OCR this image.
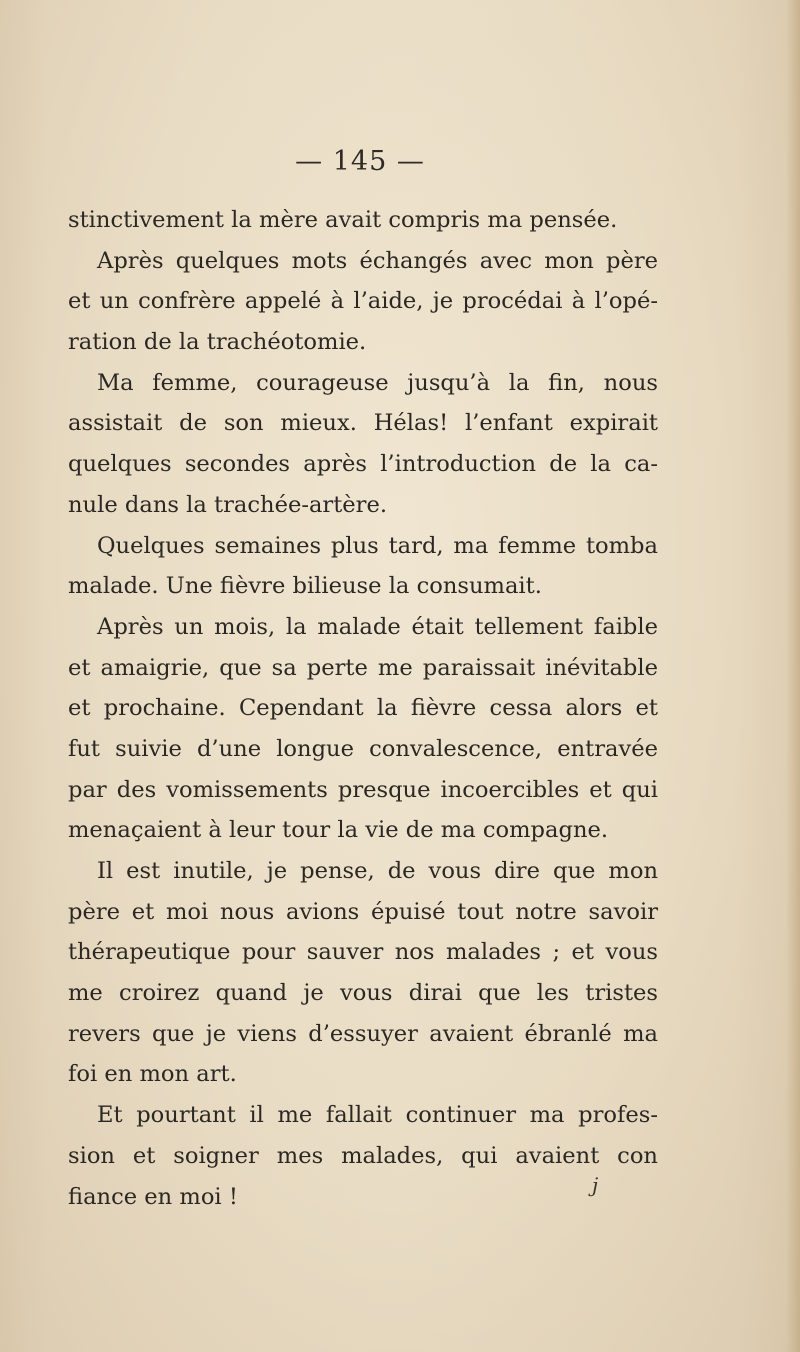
— 145 —
stinctivement la mère avait compris ma pensée.
Après quelques mots échangés avec mon père
et un confrère appelé à l’aide, je procédai à l’opé-
ration de la trachéotomie.
Ma femme, courageuse jusqu’à la fin, nous
assistait de son mieux. Hélas! l’enfant expirait
quelques secondes après l’introduction de la ca-
nule dans la trachée-artère.
Quelques semaines plus tard, ma femme tomba
malade. Une fièvre bilieuse la consumait.
Après un mois, la malade était tellement faible
et amaigrie, que sa perte me paraissait inévitable
et prochaine. Cependant la fièvre cessa alors et
fut suivie d’une longue convalescence, entravée
par des vomissements presque incoercibles et qui
menaçaient à leur tour la vie de ma compagne.
Il est inutile, je pense, de vous dire que mon
père et moi nous avions épuisé tout notre savoir
thérapeutique pour sauver nos malades ; et vous
me croirez quand je vous dirai que les tristes
revers que je viens d’essuyer avaient ébranlé ma
foi en mon art.
Et pourtant il me fallait continuer ma profes-
sion et soigner mes malades, qui avaient con
fiance en moi !	j
